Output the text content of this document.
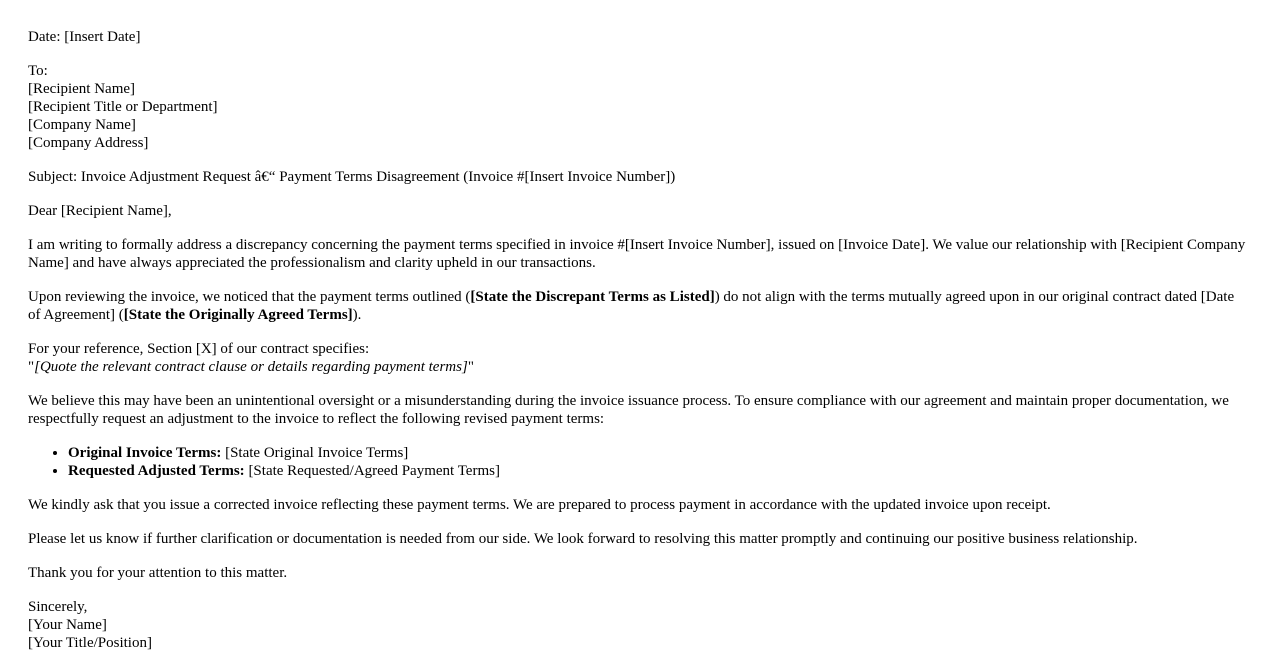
Date: [Insert Date]

To:
[Recipient Name]
[Recipient Title or Department]
[Company Name]
[Company Address]

Subject: Invoice Adjustment Request â€“ Payment Terms Disagreement (Invoice #[Insert Invoice Number])

Dear [Recipient Name],

I am writing to formally address a discrepancy concerning the payment terms specified in invoice #[Insert Invoice Number], issued on [Invoice Date]. We value our relationship with [Recipient Company Name] and have always appreciated the professionalism and clarity upheld in our transactions.

Upon reviewing the invoice, we noticed that the payment terms outlined ([State the Discrepant Terms as Listed]) do not align with the terms mutually agreed upon in our original contract dated [Date of Agreement] ([State the Originally Agreed Terms]).

For your reference, Section [X] of our contract specifies:
"[Quote the relevant contract clause or details regarding payment terms]"

We believe this may have been an unintentional oversight or a misunderstanding during the invoice issuance process. To ensure compliance with our agreement and maintain proper documentation, we respectfully request an adjustment to the invoice to reflect the following revised payment terms:

• Original Invoice Terms: [State Original Invoice Terms]
• Requested Adjusted Terms: [State Requested/Agreed Payment Terms]

We kindly ask that you issue a corrected invoice reflecting these payment terms. We are prepared to process payment in accordance with the updated invoice upon receipt.

Please let us know if further clarification or documentation is needed from our side. We look forward to resolving this matter promptly and continuing our positive business relationship.

Thank you for your attention to this matter.

Sincerely,
[Your Name]
[Your Title/Position]
